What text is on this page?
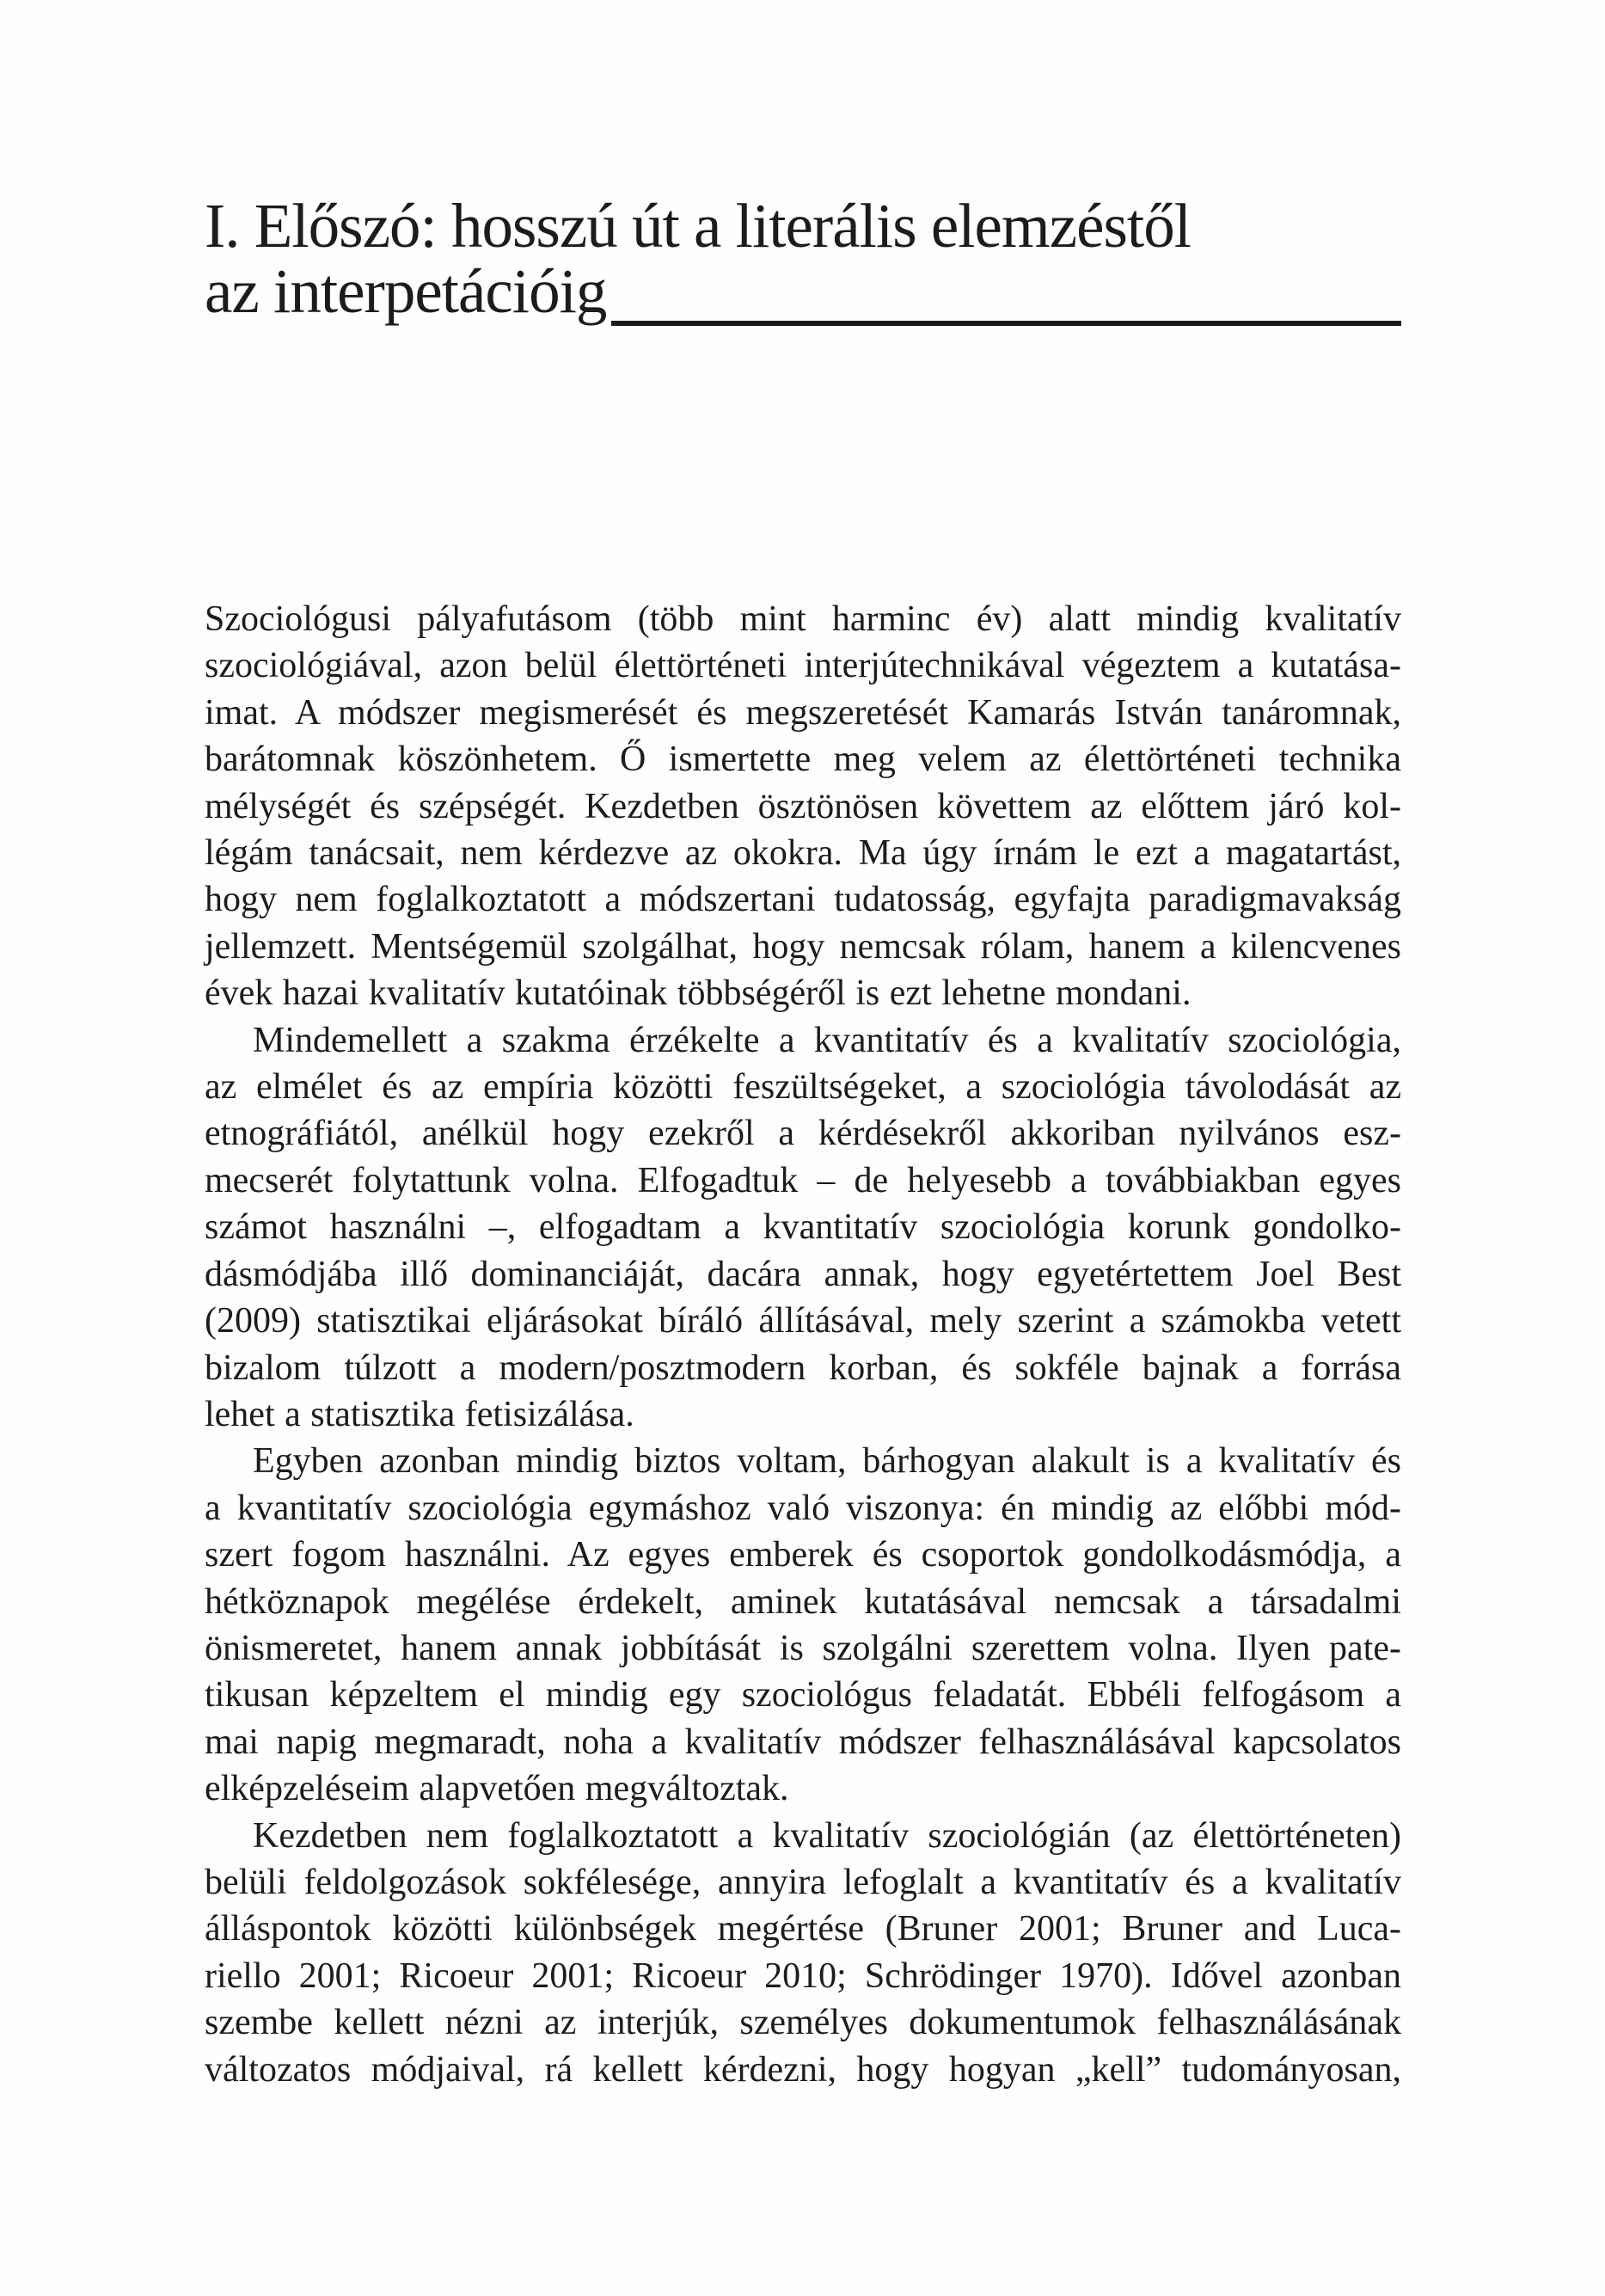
I. Előszó: hosszú út a literális elemzéstől
az interpetációig

Szociológusi pályafutásom (több mint harminc év) alatt mindig kvalitatív
szociológiával, azon belül élettörténeti interjútechnikával végeztem a kutatása-
imat. A módszer megismerését és megszeretését Kamarás István tanáromnak,
barátomnak köszönhetem. Ő ismertette meg velem az élettörténeti technika
mélységét és szépségét. Kezdetben ösztönösen követtem az előttem járó kol-
légám tanácsait, nem kérdezve az okokra. Ma úgy írnám le ezt a magatartást,
hogy nem foglalkoztatott a módszertani tudatosság, egyfajta paradigmavakság
jellemzett. Mentségemül szolgálhat, hogy nemcsak rólam, hanem a kilencvenes
évek hazai kvalitatív kutatóinak többségéről is ezt lehetne mondani.

Mindemellett a szakma érzékelte a kvantitatív és a kvalitatív szociológia,
az elmélet és az empíria közötti feszültségeket, a szociológia távolodását az
etnográfiától, anélkül hogy ezekről a kérdésekről akkoriban nyilvános esz-
mecserét folytattunk volna. Elfogadtuk – de helyesebb a továbbiakban egyes
számot használni –, elfogadtam a kvantitatív szociológia korunk gondolko-
dásmódjába illő dominanciáját, dacára annak, hogy egyetértettem Joel Best
(2009) statisztikai eljárásokat bíráló állításával, mely szerint a számokba vetett
bizalom túlzott a modern/posztmodern korban, és sokféle bajnak a forrása
lehet a statisztika fetisizálása.

Egyben azonban mindig biztos voltam, bárhogyan alakult is a kvalitatív és
a kvantitatív szociológia egymáshoz való viszonya: én mindig az előbbi mód-
szert fogom használni. Az egyes emberek és csoportok gondolkodásmódja, a
hétköznapok megélése érdekelt, aminek kutatásával nemcsak a társadalmi
önismeretet, hanem annak jobbítását is szolgálni szerettem volna. Ilyen pate-
tikusan képzeltem el mindig egy szociológus feladatát. Ebbéli felfogásom a
mai napig megmaradt, noha a kvalitatív módszer felhasználásával kapcsolatos
elképzeléseim alapvetően megváltoztak.

Kezdetben nem foglalkoztatott a kvalitatív szociológián (az élettörténeten)
belüli feldolgozások sokfélesége, annyira lefoglalt a kvantitatív és a kvalitatív
álláspontok közötti különbségek megértése (Bruner 2001; Bruner and Luca-
riello 2001; Ricoeur 2001; Ricoeur 2010; Schrödinger 1970). Idővel azonban
szembe kellett nézni az interjúk, személyes dokumentumok felhasználásának
változatos módjaival, rá kellett kérdezni, hogy hogyan „kell” tudományosan,
